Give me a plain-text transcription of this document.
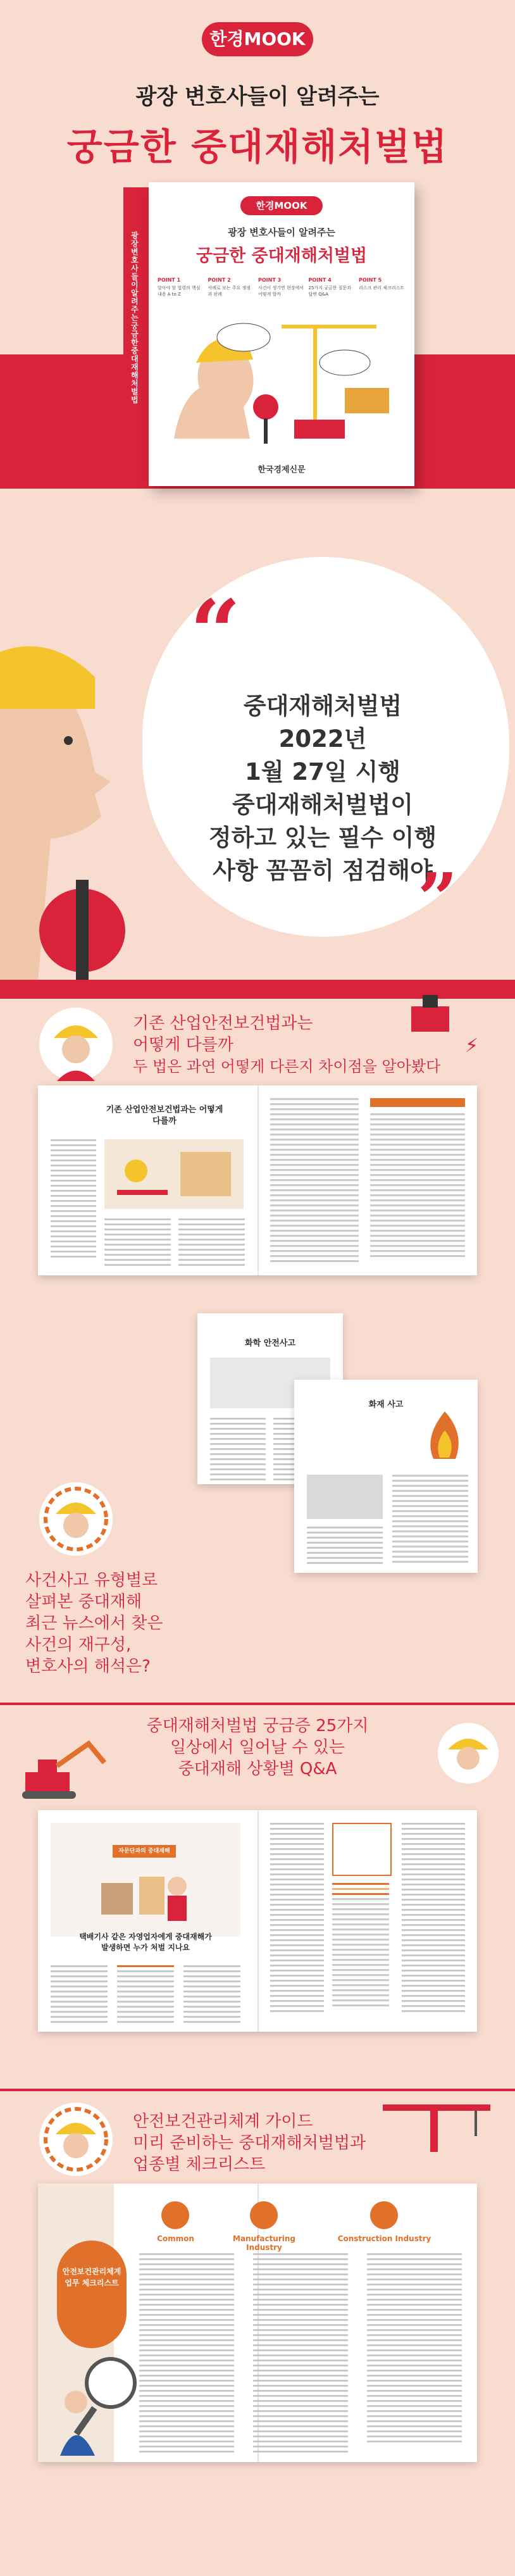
한경MOOK
광장 변호사들이 알려주는
궁금한 중대재해처벌법
광장 변호사들이 알려주는 궁금한 중대재해처벌법
한경MOOK
광장 변호사들이 알려주는
궁금한 중대재해처벌법
POINT 1
알아야 할 법령의 핵심내용 A to Z
POINT 2
사례로 보는 주요 쟁점과 판례
POINT 3
사건이 생기면 현장에서 어떻게 할까
POINT 4
25가지 궁금한 질문과 답변 Q&A
POINT 5
리스크 관리 체크리스트
한국경제신문
“
중대재해처벌법
2022년
1월 27일 시행
중대재해처벌법이
정하고 있는 필수 이행
사항 꼼꼼히 점검해야
”
기존 산업안전보건법과는
어떻게 다를까
두 법은 과연 어떻게 다른지 차이점을 알아봤다
⚡
기존 산업안전보건법과는 어떻게 다를까
화학 안전사고
화재 사고
사건사고 유형별로
살펴본 중대재해
최근 뉴스에서 찾은
사건의 재구성,
변호사의 해석은?
중대재해처벌법 궁금증 25가지
일상에서 일어날 수 있는
중대재해 상황별 Q&A
자문단과의 중대재해
택배기사 같은 자영업자에게 중대재해가
발생하면 누가 처벌 지나요
안전보건관리체계 가이드
미리 준비하는 중대재해처벌법과
업종별 체크리스트
안전보건관리체계
업무 체크리스트
Common	Manufacturing Industry
Construction Industry
